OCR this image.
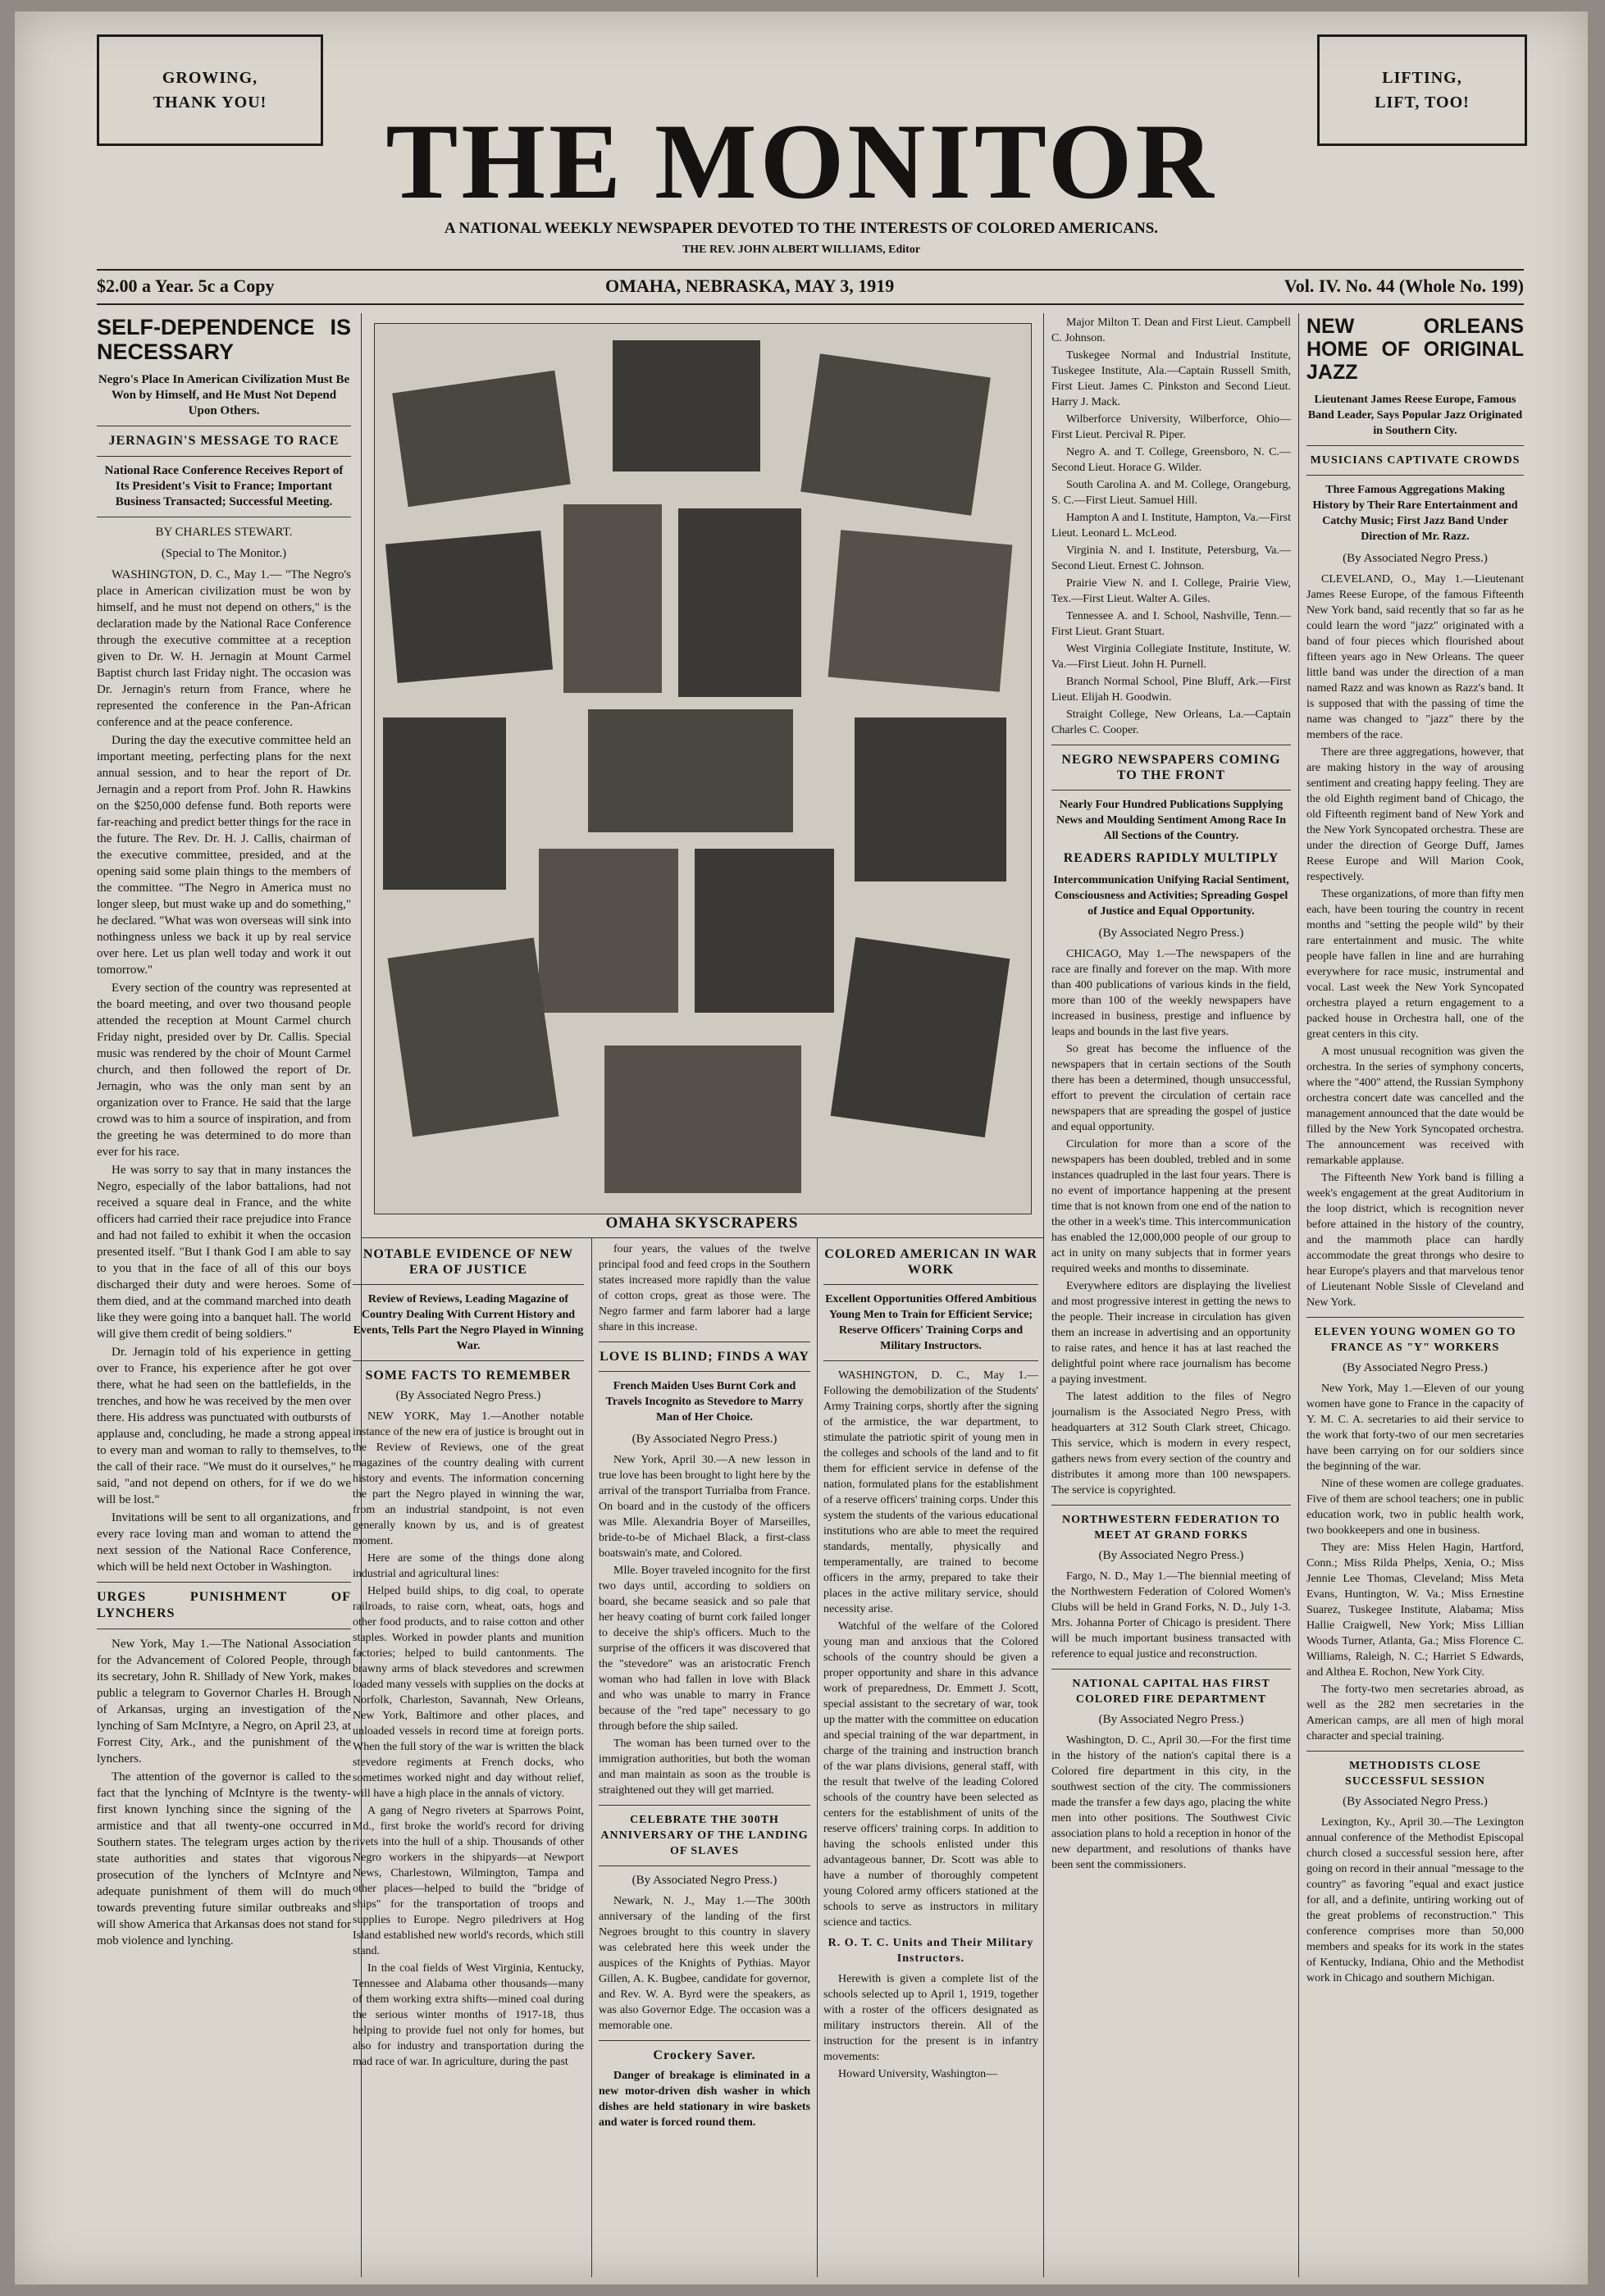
GROWING,
THANK YOU!
LIFTING,
LIFT, TOO!
THE MONITOR
A NATIONAL WEEKLY NEWSPAPER DEVOTED TO THE INTERESTS OF COLORED AMERICANS.
THE REV. JOHN ALBERT WILLIAMS, Editor
$2.00 a Year. 5c a Copy	OMAHA, NEBRASKA, MAY 3, 1919	Vol. IV. No. 44 (Whole No. 199)
SELF-DEPENDENCE IS NECESSARY
Negro's Place In American Civilization Must Be Won by Himself, and He Must Not Depend Upon Others.
JERNAGIN'S MESSAGE TO RACE
National Race Conference Receives Report of Its President's Visit to France; Important Business Transacted; Successful Meeting.
BY CHARLES STEWART.
(Special to The Monitor.)

WASHINGTON, D. C., May 1.— "The Negro's place in American civilization must be won by himself, and he must not depend on others," is the declaration made by the National Race Conference through the executive committee at a reception given to Dr. W. H. Jernagin at Mount Carmel Baptist church last Friday night. The occasion was Dr. Jernagin's return from France, where he represented the conference in the Pan-African conference and at the peace conference.

During the day the executive committee held an important meeting, perfecting plans for the next annual session, and to hear the report of Dr. Jernagin and a report from Prof. John R. Hawkins on the $250,000 defense fund. Both reports were far-reaching and predict better things for the race in the future. The Rev. Dr. H. J. Callis, chairman of the executive committee, presided, and at the opening said some plain things to the members of the committee. "The Negro in America must no longer sleep, but must wake up and do something," he declared. "What was won overseas will sink into nothingness unless we back it up by real service over here. Let us plan well today and work it out tomorrow."

Every section of the country was represented at the board meeting, and over two thousand people attended the reception at Mount Carmel church Friday night, presided over by Dr. Callis. Special music was rendered by the choir of Mount Carmel church, and then followed the report of Dr. Jernagin, who was the only man sent by an organization over to France. He said that the large crowd was to him a source of inspiration, and from the greeting he was determined to do more than ever for his race.

He was sorry to say that in many instances the Negro, especially of the labor battalions, had not received a square deal in France, and the white officers had carried their race prejudice into France and had not failed to exhibit it when the occasion presented itself. "But I thank God I am able to say to you that in the face of all of this our boys discharged their duty and were heroes. Some of them died, and at the command marched into death like they were going into a banquet hall. The world will give them credit of being soldiers."

Dr. Jernagin told of his experience in getting over to France, his experience after he got over there, what he had seen on the battlefields, in the trenches, and how he was received by the men over there. His address was punctuated with outbursts of applause and, concluding, he made a strong appeal to every man and woman to rally to themselves, to the call of their race. "We must do it ourselves," he said, "and not depend on others, for if we do we will be lost."

Invitations will be sent to all organizations, and every race loving man and woman to attend the next session of the National Race Conference, which will be held next October in Washington.

URGES PUNISHMENT OF LYNCHERS

New York, May 1.—The National Association for the Advancement of Colored People, through its secretary, John R. Shillady of New York, makes public a telegram to Governor Charles H. Brough of Arkansas, urging an investigation of the lynching of Sam McIntyre, a Negro, on April 23, at Forrest City, Ark., and the punishment of the lynchers.

The attention of the governor is called to the fact that the lynching of McIntyre is the twenty-first known lynching since the signing of the armistice and that all twenty-one occurred in Southern states. The telegram urges action by the state authorities and states that vigorous prosecution of the lynchers of McIntyre and adequate punishment of them will do much towards preventing future similar outbreaks and will show America that Arkansas does not stand for mob violence and lynching.

OMAHA SKYSCRAPERS
NOTABLE EVIDENCE OF NEW ERA OF JUSTICE
Review of Reviews, Leading Magazine of Country Dealing With Current History and Events, Tells Part the Negro Played in Winning War.
SOME FACTS TO REMEMBER
(By Associated Negro Press.)

NEW YORK, May 1.—Another notable instance of the new era of justice is brought out in the Review of Reviews, one of the great magazines of the country dealing with current history and events. The information concerning the part the Negro played in winning the war, from an industrial standpoint, is not even generally known by us, and is of greatest moment.

Here are some of the things done along industrial and agricultural lines:

Helped build ships, to dig coal, to operate railroads, to raise corn, wheat, oats, hogs and other food products, and to raise cotton and other staples. Worked in powder plants and munition factories; helped to build cantonments. The brawny arms of black stevedores and screwmen loaded many vessels with supplies on the docks at Norfolk, Charleston, Savannah, New Orleans, New York, Baltimore and other places, and unloaded vessels in record time at foreign ports. When the full story of the war is written the black stevedore regiments at French docks, who sometimes worked night and day without relief, will have a high place in the annals of victory.

A gang of Negro riveters at Sparrows Point, Md., first broke the world's record for driving rivets into the hull of a ship. Thousands of other Negro workers in the shipyards—at Newport News, Charlestown, Wilmington, Tampa and other places—helped to build the "bridge of ships" for the transportation of troops and supplies to Europe. Negro piledrivers at Hog Island established new world's records, which still stand.

In the coal fields of West Virginia, Kentucky, Tennessee and Alabama other thousands—many of them working extra shifts—mined coal during the serious winter months of 1917-18, thus helping to provide fuel not only for homes, but also for industry and transportation during the mad race of war. In agriculture, during the past

four years, the values of the twelve principal food and feed crops in the Southern states increased more rapidly than the value of cotton crops, great as those were. The Negro farmer and farm laborer had a large share in this increase.

LOVE IS BLIND; FINDS A WAY
French Maiden Uses Burnt Cork and Travels Incognito as Stevedore to Marry Man of Her Choice.
(By Associated Negro Press.)

New York, April 30.—A new lesson in true love has been brought to light here by the arrival of the transport Turrialba from France. On board and in the custody of the officers was Mlle. Alexandria Boyer of Marseilles, bride-to-be of Michael Black, a first-class boatswain's mate, and Colored.

Mlle. Boyer traveled incognito for the first two days until, according to soldiers on board, she became seasick and so pale that her heavy coating of burnt cork failed longer to deceive the ship's officers. Much to the surprise of the officers it was discovered that the "stevedore" was an aristocratic French woman who had fallen in love with Black and who was unable to marry in France because of the "red tape" necessary to go through before the ship sailed.

The woman has been turned over to the immigration authorities, but both the woman and man maintain as soon as the trouble is straightened out they will get married.

CELEBRATE THE 300TH ANNIVERSARY OF THE LANDING OF SLAVES
(By Associated Negro Press.)

Newark, N. J., May 1.—The 300th anniversary of the landing of the first Negroes brought to this country in slavery was celebrated here this week under the auspices of the Knights of Pythias. Mayor Gillen, A. K. Bugbee, candidate for governor, and Rev. W. A. Byrd were the speakers, as was also Governor Edge. The occasion was a memorable one.

Crockery Saver.

Danger of breakage is eliminated in a new motor-driven dish washer in which dishes are held stationary in wire baskets and water is forced round them.

COLORED AMERICAN IN WAR WORK
Excellent Opportunities Offered Ambitious Young Men to Train for Efficient Service; Reserve Officers' Training Corps and Military Instructors.

WASHINGTON, D. C., May 1.— Following the demobilization of the Students' Army Training corps, shortly after the signing of the armistice, the war department, to stimulate the patriotic spirit of young men in the colleges and schools of the land and to fit them for efficient service in defense of the nation, formulated plans for the establishment of a reserve officers' training corps. Under this system the students of the various educational institutions who are able to meet the required standards, mentally, physically and temperamentally, are trained to become officers in the army, prepared to take their places in the active military service, should necessity arise.

Watchful of the welfare of the Colored young man and anxious that the Colored schools of the country should be given a proper opportunity and share in this advance work of preparedness, Dr. Emmett J. Scott, special assistant to the secretary of war, took up the matter with the committee on education and special training of the war department, in charge of the training and instruction branch of the war plans divisions, general staff, with the result that twelve of the leading Colored schools of the country have been selected as centers for the establishment of units of the reserve officers' training corps. In addition to having the schools enlisted under this advantageous banner, Dr. Scott was able to have a number of thoroughly competent young Colored army officers stationed at the schools to serve as instructors in military science and tactics.

R. O. T. C. Units and Their Military Instructors.

Herewith is given a complete list of the schools selected up to April 1, 1919, together with a roster of the officers designated as military instructors therein. All of the instruction for the present is in infantry movements:

Howard University, Washington—

Major Milton T. Dean and First Lieut. Campbell C. Johnson.

Tuskegee Normal and Industrial Institute, Tuskegee Institute, Ala.—Captain Russell Smith, First Lieut. James C. Pinkston and Second Lieut. Harry J. Mack.

Wilberforce University, Wilberforce, Ohio—First Lieut. Percival R. Piper.

Negro A. and T. College, Greensboro, N. C.—Second Lieut. Horace G. Wilder.

South Carolina A. and M. College, Orangeburg, S. C.—First Lieut. Samuel Hill.

Hampton A and I. Institute, Hampton, Va.—First Lieut. Leonard L. McLeod.

Virginia N. and I. Institute, Petersburg, Va.—Second Lieut. Ernest C. Johnson.

Prairie View N. and I. College, Prairie View, Tex.—First Lieut. Walter A. Giles.

Tennessee A. and I. School, Nashville, Tenn.—First Lieut. Grant Stuart.

West Virginia Collegiate Institute, Institute, W. Va.—First Lieut. John H. Purnell.

Branch Normal School, Pine Bluff, Ark.—First Lieut. Elijah H. Goodwin.

Straight College, New Orleans, La.—Captain Charles C. Cooper.

NEGRO NEWSPAPERS COMING TO THE FRONT
Nearly Four Hundred Publications Supplying News and Moulding Sentiment Among Race In All Sections of the Country.
READERS RAPIDLY MULTIPLY
Intercommunication Unifying Racial Sentiment, Consciousness and Activities; Spreading Gospel of Justice and Equal Opportunity.
(By Associated Negro Press.)

CHICAGO, May 1.—The newspapers of the race are finally and forever on the map. With more than 400 publications of various kinds in the field, more than 100 of the weekly newspapers have increased in business, prestige and influence by leaps and bounds in the last five years.

So great has become the influence of the newspapers that in certain sections of the South there has been a determined, though unsuccessful, effort to prevent the circulation of certain race newspapers that are spreading the gospel of justice and equal opportunity.

Circulation for more than a score of the newspapers has been doubled, trebled and in some instances quadrupled in the last four years. There is no event of importance happening at the present time that is not known from one end of the nation to the other in a week's time. This intercommunication has enabled the 12,000,000 people of our group to act in unity on many subjects that in former years required weeks and months to disseminate.

Everywhere editors are displaying the liveliest and most progressive interest in getting the news to the people. Their increase in circulation has given them an increase in advertising and an opportunity to raise rates, and hence it has at last reached the delightful point where race journalism has become a paying investment.

The latest addition to the files of Negro journalism is the Associated Negro Press, with headquarters at 312 South Clark street, Chicago. This service, which is modern in every respect, gathers news from every section of the country and distributes it among more than 100 newspapers. The service is copyrighted.

NORTHWESTERN FEDERATION TO MEET AT GRAND FORKS
(By Associated Negro Press.)

Fargo, N. D., May 1.—The biennial meeting of the Northwestern Federation of Colored Women's Clubs will be held in Grand Forks, N. D., July 1-3. Mrs. Johanna Porter of Chicago is president. There will be much important business transacted with reference to equal justice and reconstruction.

NATIONAL CAPITAL HAS FIRST COLORED FIRE DEPARTMENT
(By Associated Negro Press.)

Washington, D. C., April 30.—For the first time in the history of the nation's capital there is a Colored fire department in this city, in the southwest section of the city. The commissioners made the transfer a few days ago, placing the white men into other positions. The Southwest Civic association plans to hold a reception in honor of the new department, and resolutions of thanks have been sent the commissioners.

NEW ORLEANS HOME OF ORIGINAL JAZZ
Lieutenant James Reese Europe, Famous Band Leader, Says Popular Jazz Originated in Southern City.
MUSICIANS CAPTIVATE CROWDS
Three Famous Aggregations Making History by Their Rare Entertainment and Catchy Music; First Jazz Band Under Direction of Mr. Razz.
(By Associated Negro Press.)

CLEVELAND, O., May 1.—Lieutenant James Reese Europe, of the famous Fifteenth New York band, said recently that so far as he could learn the word "jazz" originated with a band of four pieces which flourished about fifteen years ago in New Orleans. The queer little band was under the direction of a man named Razz and was known as Razz's band. It is supposed that with the passing of time the name was changed to "jazz" there by the members of the race.

There are three aggregations, however, that are making history in the way of arousing sentiment and creating happy feeling. They are the old Eighth regiment band of Chicago, the old Fifteenth regiment band of New York and the New York Syncopated orchestra. These are under the direction of George Duff, James Reese Europe and Will Marion Cook, respectively.

These organizations, of more than fifty men each, have been touring the country in recent months and "setting the people wild" by their rare entertainment and music. The white people have fallen in line and are hurrahing everywhere for race music, instrumental and vocal. Last week the New York Syncopated orchestra played a return engagement to a packed house in Orchestra hall, one of the great centers in this city.

A most unusual recognition was given the orchestra. In the series of symphony concerts, where the "400" attend, the Russian Symphony orchestra concert date was cancelled and the management announced that the date would be filled by the New York Syncopated orchestra. The announcement was received with remarkable applause.

The Fifteenth New York band is filling a week's engagement at the great Auditorium in the loop district, which is recognition never before attained in the history of the country, and the mammoth place can hardly accommodate the great throngs who desire to hear Europe's players and that marvelous tenor of Lieutenant Noble Sissle of Cleveland and New York.

ELEVEN YOUNG WOMEN GO TO FRANCE AS "Y" WORKERS
(By Associated Negro Press.)

New York, May 1.—Eleven of our young women have gone to France in the capacity of Y. M. C. A. secretaries to aid their service to the work that forty-two of our men secretaries have been carrying on for our soldiers since the beginning of the war.

Nine of these women are college graduates. Five of them are school teachers; one in public education work, two in public health work, two bookkeepers and one in business.

They are: Miss Helen Hagin, Hartford, Conn.; Miss Rilda Phelps, Xenia, O.; Miss Jennie Lee Thomas, Cleveland; Miss Meta Evans, Huntington, W. Va.; Miss Ernestine Suarez, Tuskegee Institute, Alabama; Miss Hallie Craigwell, New York; Miss Lillian Woods Turner, Atlanta, Ga.; Miss Florence C. Williams, Raleigh, N. C.; Harriet S Edwards, and Althea E. Rochon, New York City.

The forty-two men secretaries abroad, as well as the 282 men secretaries in the American camps, are all men of high moral character and special training.

METHODISTS CLOSE SUCCESSFUL SESSION
(By Associated Negro Press.)

Lexington, Ky., April 30.—The Lexington annual conference of the Methodist Episcopal church closed a successful session here, after going on record in their annual "message to the country" as favoring "equal and exact justice for all, and a definite, untiring working out of the great problems of reconstruction." This conference comprises more than 50,000 members and speaks for its work in the states of Kentucky, Indiana, Ohio and the Methodist work in Chicago and southern Michigan.
